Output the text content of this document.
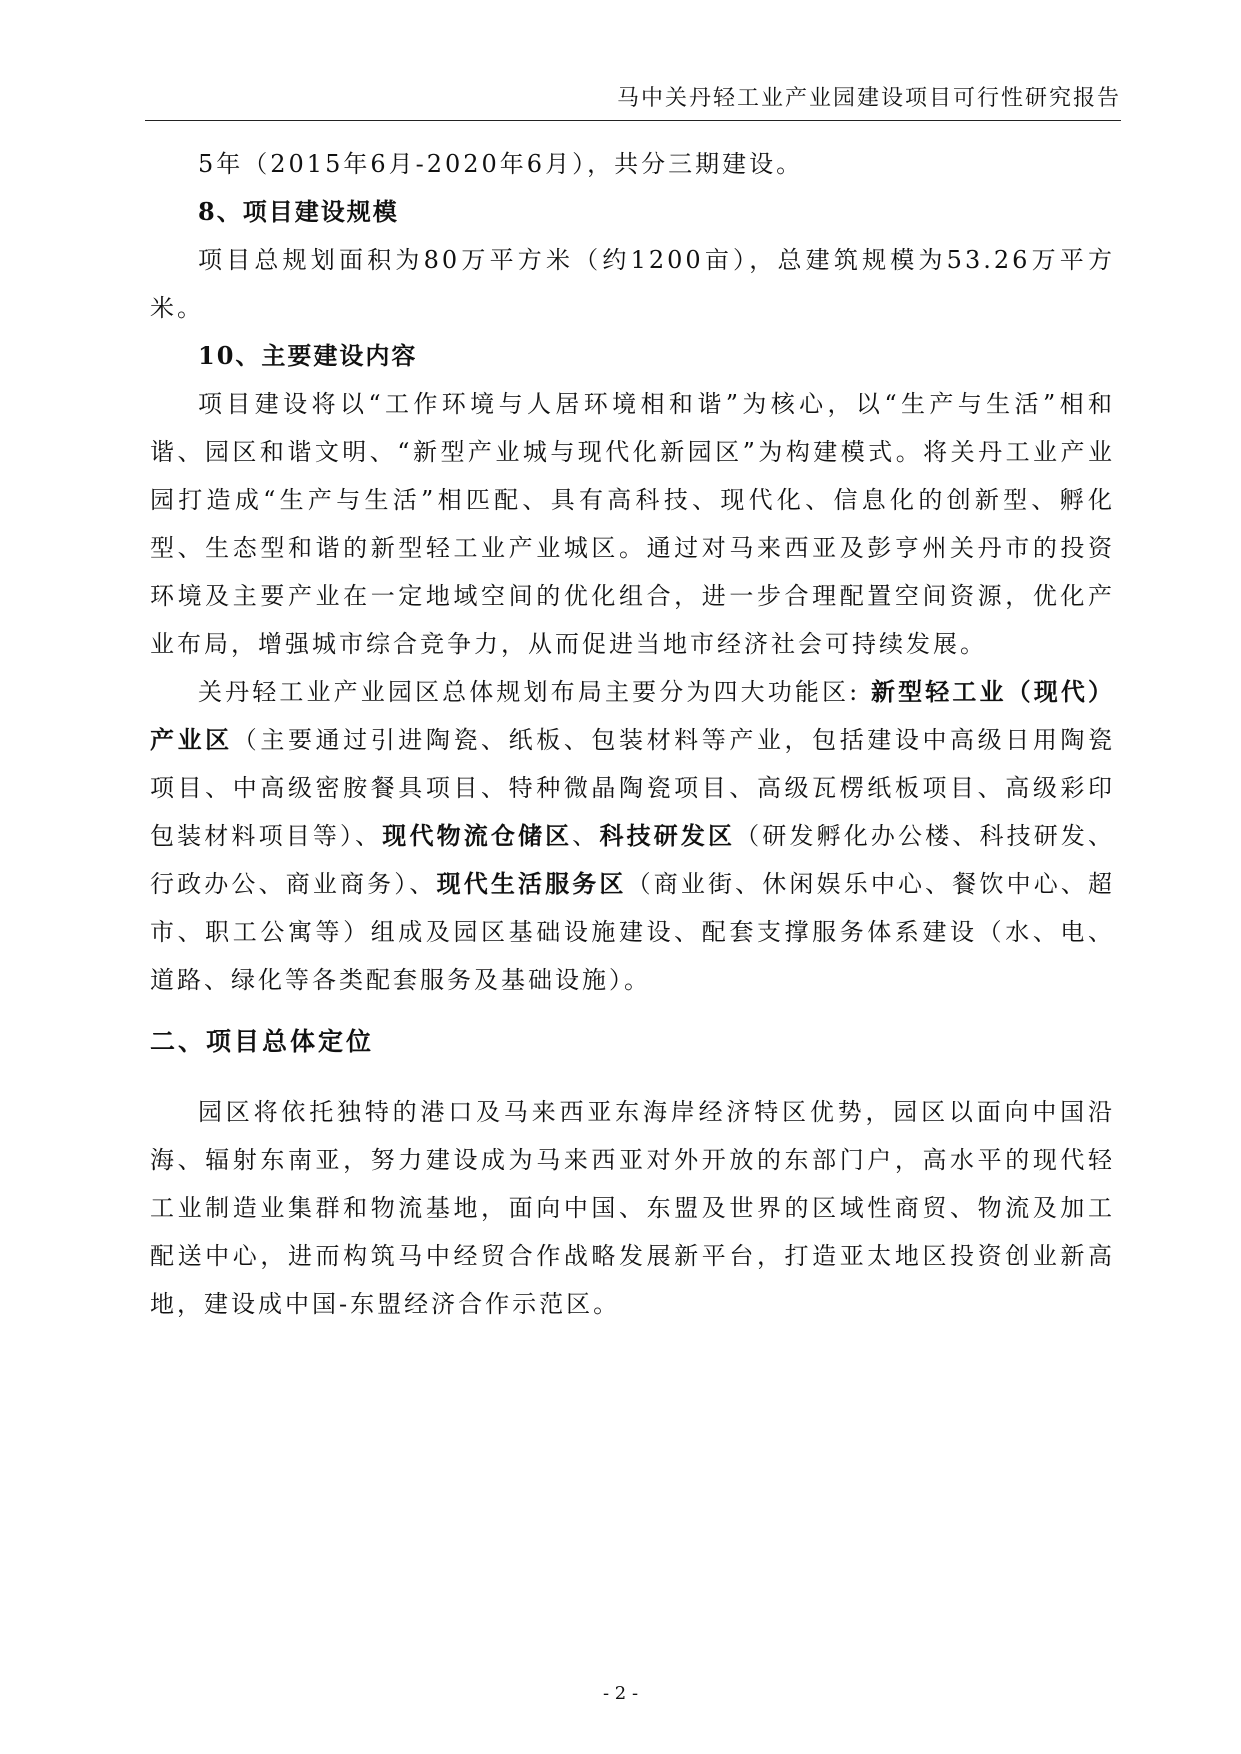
马中关丹轻工业产业园建设项目可行性研究报告

5年（2015年6月-2020年6月），共分三期建设。

8、项目建设规模

项目总规划面积为80万平方米（约1200亩），总建筑规模为53.26万平方米。

10、主要建设内容

项目建设将以“工作环境与人居环境相和谐”为核心，以“生产与生活”相和谐、园区和谐文明、“新型产业城与现代化新园区”为构建模式。将关丹工业产业园打造成“生产与生活”相匹配、具有高科技、现代化、信息化的创新型、孵化型、生态型和谐的新型轻工业产业城区。通过对马来西亚及彭亨州关丹市的投资环境及主要产业在一定地域空间的优化组合，进一步合理配置空间资源，优化产业布局，增强城市综合竞争力，从而促进当地市经济社会可持续发展。

关丹轻工业产业园区总体规划布局主要分为四大功能区: 新型轻工业（现代）产业区（主要通过引进陶瓷、纸板、包装材料等产业，包括建设中高级日用陶瓷项目、中高级密胺餐具项目、特种微晶陶瓷项目、高级瓦楞纸板项目、高级彩印包装材料项目等）、现代物流仓储区、科技研发区（研发孵化办公楼、科技研发、行政办公、商业商务）、现代生活服务区（商业街、休闲娱乐中心、餐饮中心、超市、职工公寓等）组成及园区基础设施建设、配套支撑服务体系建设（水、电、道路、绿化等各类配套服务及基础设施）。

二、项目总体定位

园区将依托独特的港口及马来西亚东海岸经济特区优势，园区以面向中国沿海、辐射东南亚，努力建设成为马来西亚对外开放的东部门户，高水平的现代轻工业制造业集群和物流基地，面向中国、东盟及世界的区域性商贸、物流及加工配送中心，进而构筑马中经贸合作战略发展新平台，打造亚太地区投资创业新高地，建设成中国-东盟经济合作示范区。

- 2 -
